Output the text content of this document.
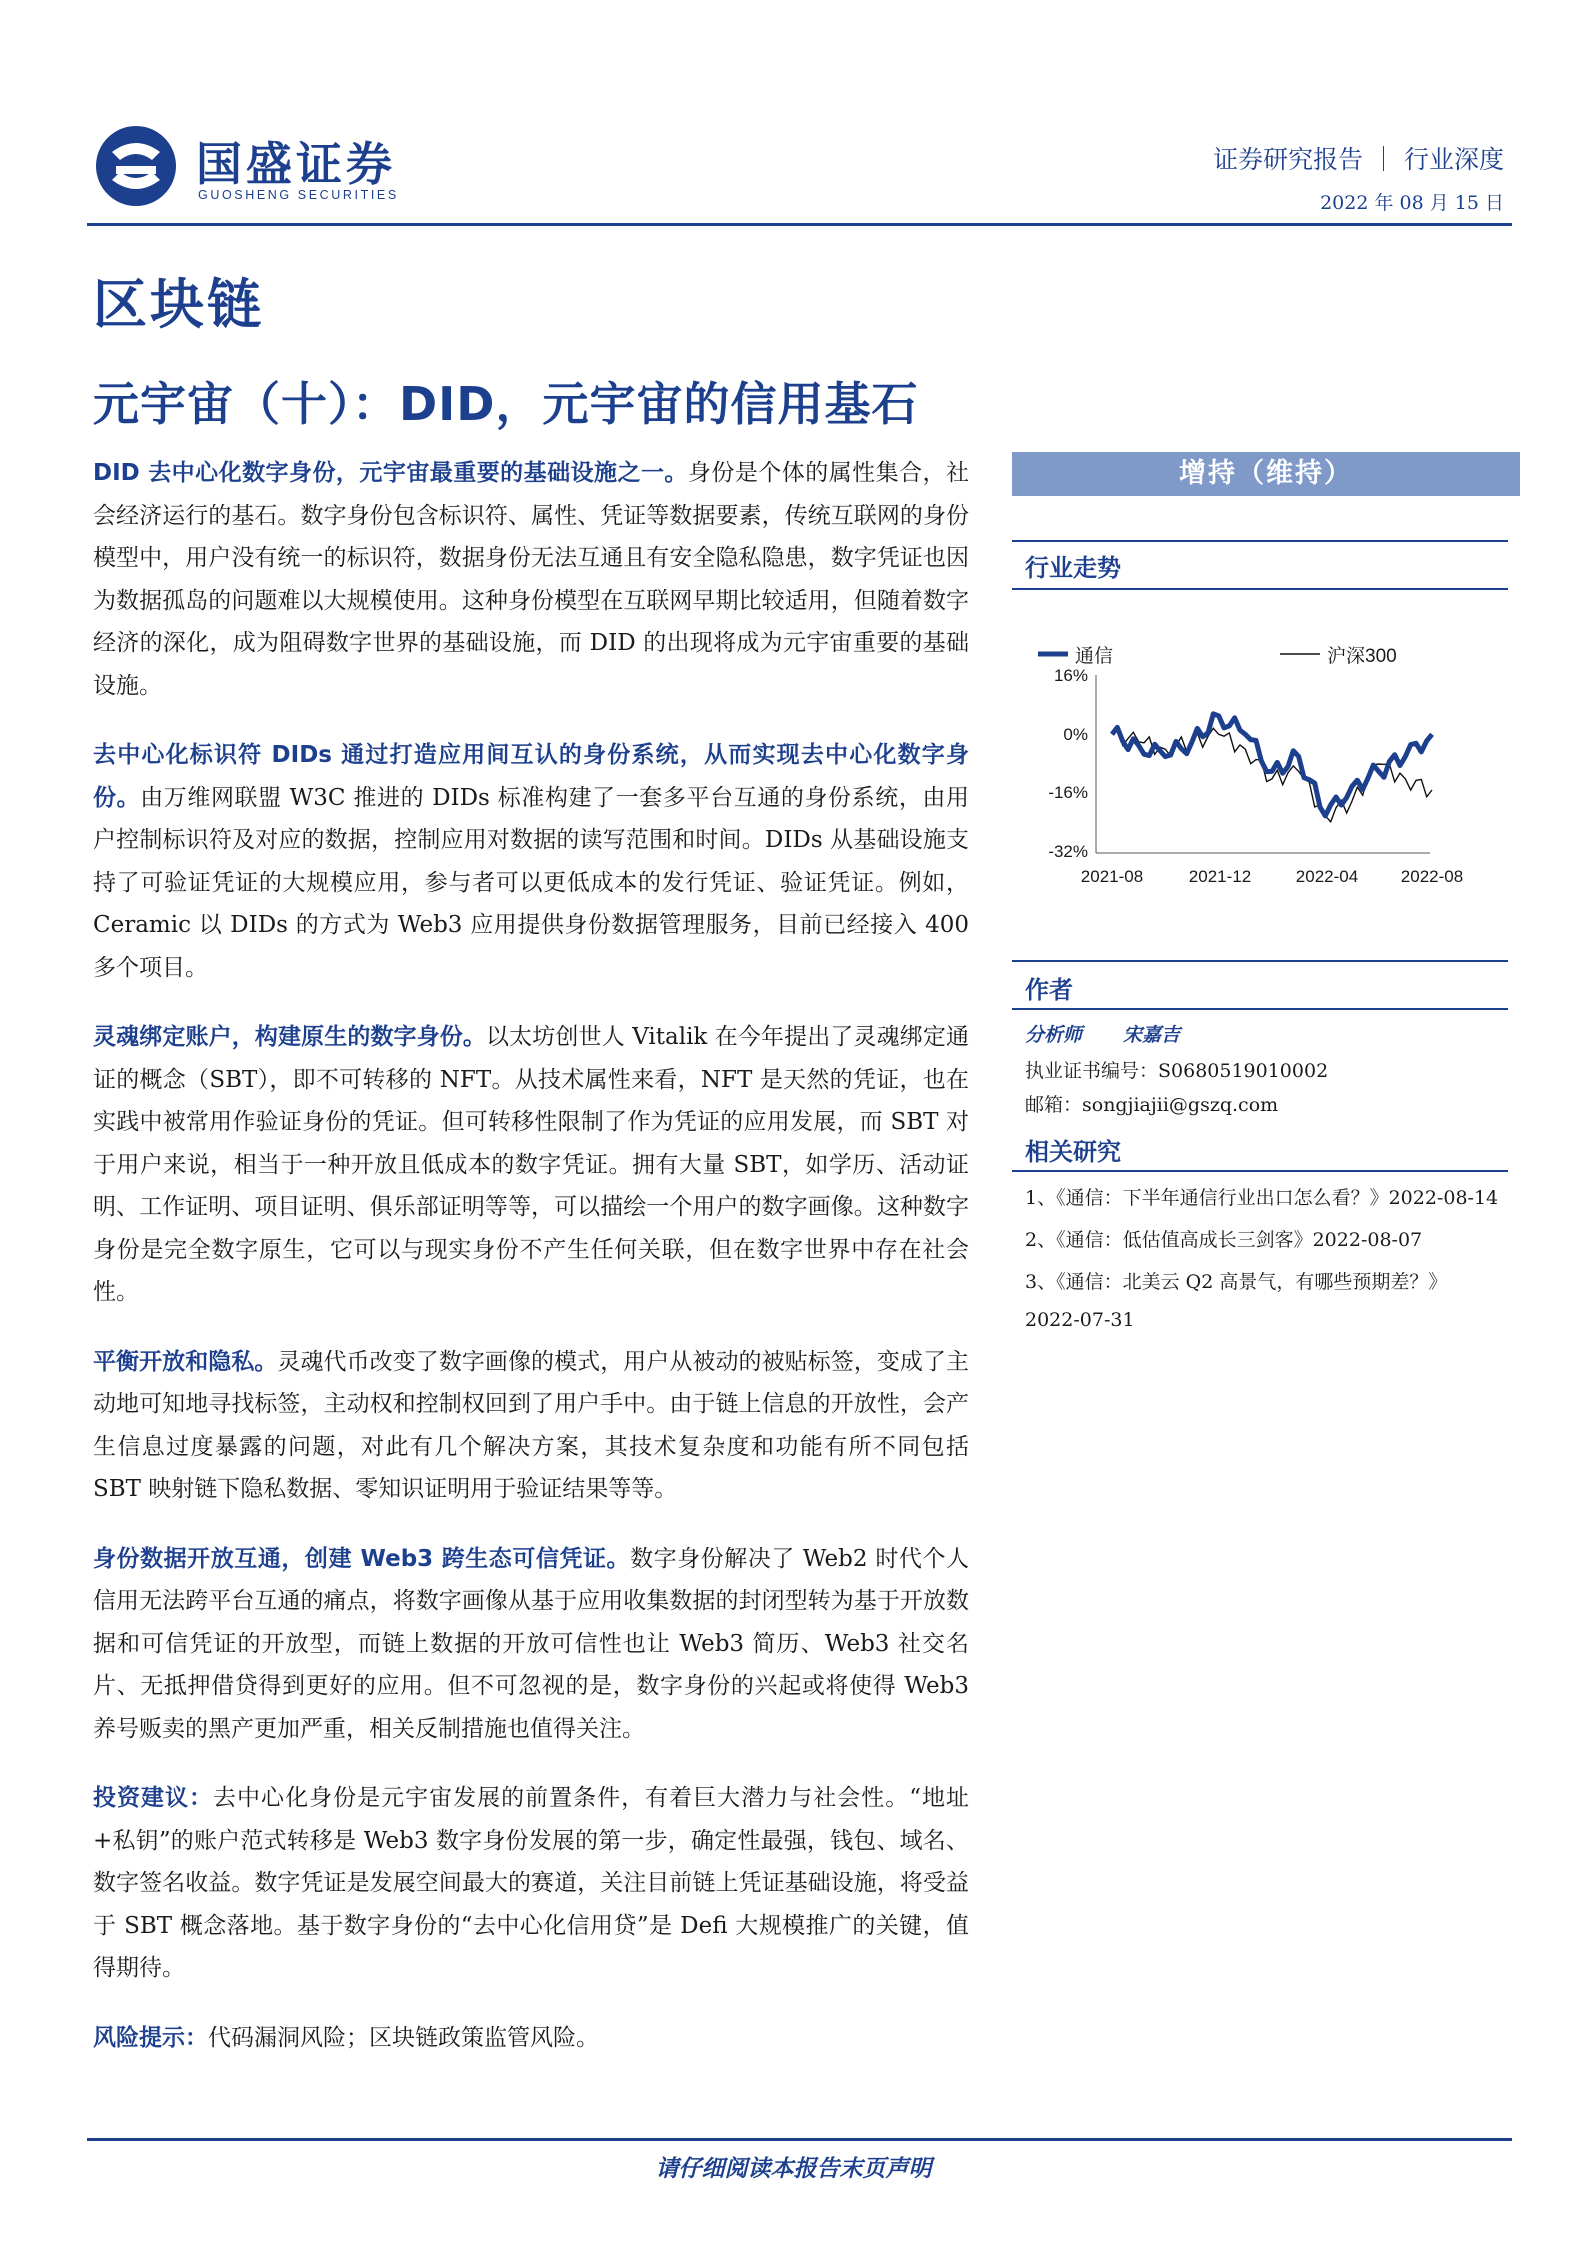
国盛证券
GUOSHENG SECURITIES
证券研究报告 ｜ 行业深度
2022 年 08 月 15 日
区块链
元宇宙（十）：DID，元宇宙的信用基石

DID 去中心化数字身份，元宇宙最重要的基础设施之一。身份是个体的属性集合，社会经济运行的基石。数字身份包含标识符、属性、凭证等数据要素，传统互联网的身份模型中，用户没有统一的标识符，数据身份无法互通且有安全隐私隐患，数字凭证也因为数据孤岛的问题难以大规模使用。这种身份模型在互联网早期比较适用，但随着数字经济的深化，成为阻碍数字世界的基础设施，而 DID 的出现将成为元宇宙重要的基础设施。

去中心化标识符 DIDs 通过打造应用间互认的身份系统，从而实现去中心化数字身份。由万维网联盟 W3C 推进的 DIDs 标准构建了一套多平台互通的身份系统，由用户控制标识符及对应的数据，控制应用对数据的读写范围和时间。DIDs 从基础设施支持了可验证凭证的大规模应用，参与者可以更低成本的发行凭证、验证凭证。例如，Ceramic 以 DIDs 的方式为 Web3 应用提供身份数据管理服务，目前已经接入 400 多个项目。

灵魂绑定账户，构建原生的数字身份。以太坊创世人 Vitalik 在今年提出了灵魂绑定通证的概念（SBT），即不可转移的 NFT。从技术属性来看，NFT 是天然的凭证，也在实践中被常用作验证身份的凭证。但可转移性限制了作为凭证的应用发展，而 SBT 对于用户来说，相当于一种开放且低成本的数字凭证。拥有大量 SBT，如学历、活动证明、工作证明、项目证明、俱乐部证明等等，可以描绘一个用户的数字画像。这种数字身份是完全数字原生，它可以与现实身份不产生任何关联，但在数字世界中存在社会性。

平衡开放和隐私。灵魂代币改变了数字画像的模式，用户从被动的被贴标签，变成了主动地可知地寻找标签，主动权和控制权回到了用户手中。由于链上信息的开放性，会产生信息过度暴露的问题，对此有几个解决方案，其技术复杂度和功能有所不同包括 SBT 映射链下隐私数据、零知识证明用于验证结果等等。

身份数据开放互通，创建 Web3 跨生态可信凭证。数字身份解决了 Web2 时代个人信用无法跨平台互通的痛点，将数字画像从基于应用收集数据的封闭型转为基于开放数据和可信凭证的开放型，而链上数据的开放可信性也让 Web3 简历、Web3 社交名片、无抵押借贷得到更好的应用。但不可忽视的是，数字身份的兴起或将使得 Web3 养号贩卖的黑产更加严重，相关反制措施也值得关注。

投资建议：去中心化身份是元宇宙发展的前置条件，有着巨大潜力与社会性。“地址+私钥”的账户范式转移是 Web3 数字身份发展的第一步，确定性最强，钱包、域名、数字签名收益。数字凭证是发展空间最大的赛道，关注目前链上凭证基础设施，将受益于 SBT 概念落地。基于数字身份的“去中心化信用贷”是 Defi 大规模推广的关键，值得期待。

风险提示：代码漏洞风险；区块链政策监管风险。

增持（维持）
行业走势
通信	沪深300
16%
0%
-16%
-32%
2021-08	2021-12	2022-04	2022-08
作者
分析师 宋嘉吉
执业证书编号：S0680519010002
邮箱：songjiajii@gszq.com
相关研究
1、《通信：下半年通信行业出口怎么看？》2022-08-14
2、《通信：低估值高成长三剑客》2022-08-07
3、《通信：北美云 Q2 高景气，有哪些预期差？》
2022-07-31
请仔细阅读本报告末页声明
